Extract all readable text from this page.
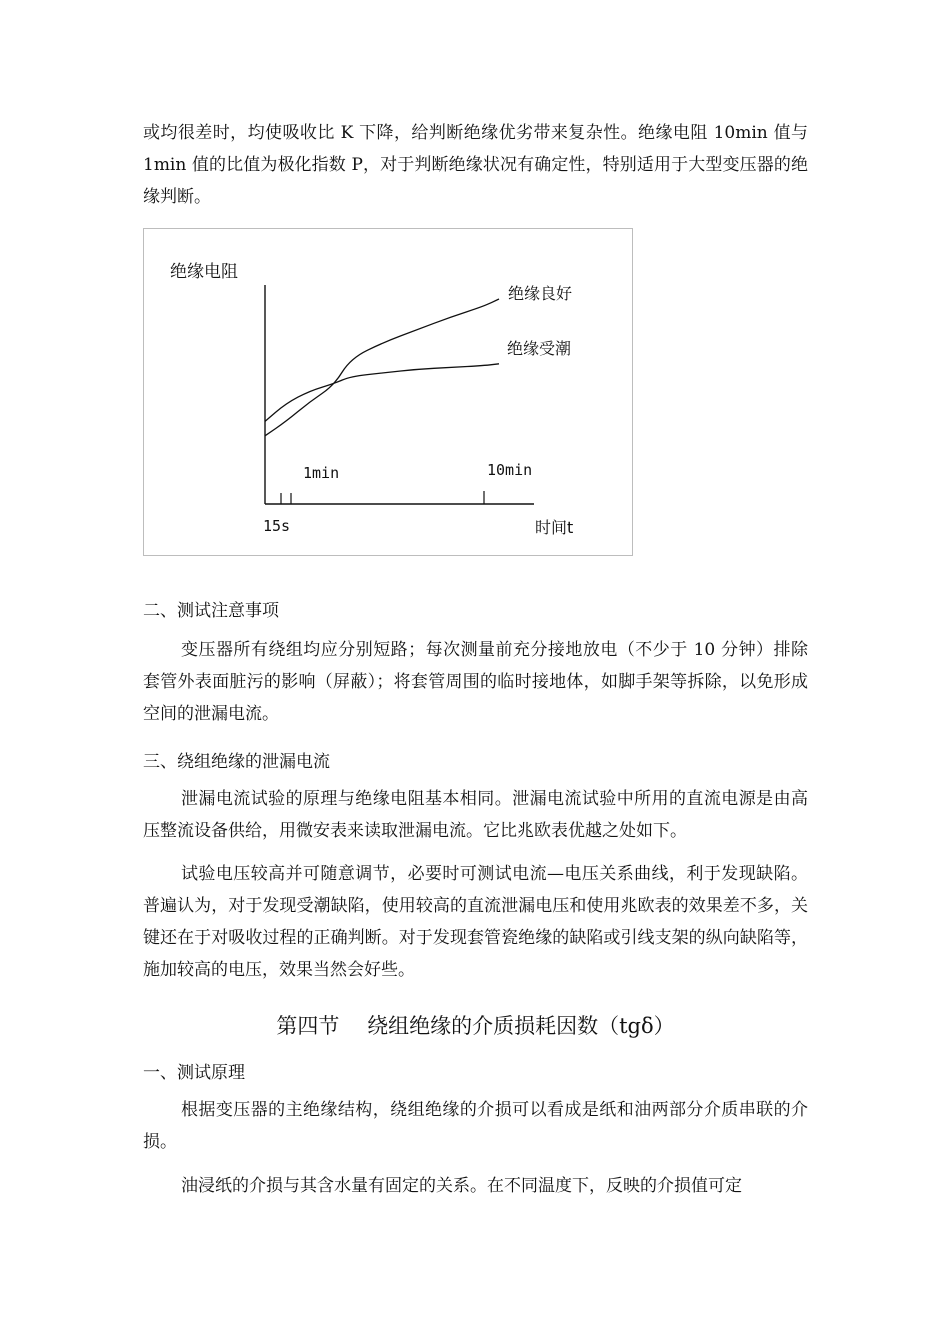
或均很差时，均使吸收比 K 下降，给判断绝缘优劣带来复杂性。绝缘电阻 10min 值与 1min 值的比值为极化指数 P，对于判断绝缘状况有确定性，特别适用于大型变压器的绝缘判断。

绝缘电阻
15s
1min	10min
时间t
绝缘良好
绝缘受潮

二、测试注意事项

变压器所有绕组均应分别短路；每次测量前充分接地放电（不少于 10 分钟）排除套管外表面脏污的影响（屏蔽）；将套管周围的临时接地体，如脚手架等拆除，以免形成空间的泄漏电流。

三、绕组绝缘的泄漏电流

泄漏电流试验的原理与绝缘电阻基本相同。泄漏电流试验中所用的直流电源是由高压整流设备供给，用微安表来读取泄漏电流。它比兆欧表优越之处如下。

试验电压较高并可随意调节，必要时可测试电流—电压关系曲线，利于发现缺陷。普遍认为，对于发现受潮缺陷，使用较高的直流泄漏电压和使用兆欧表的效果差不多，关键还在于对吸收过程的正确判断。对于发现套管瓷绝缘的缺陷或引线支架的纵向缺陷等，施加较高的电压，效果当然会好些。

第四节　 绕组绝缘的介质损耗因数（tgδ）

一、测试原理

根据变压器的主绝缘结构，绕组绝缘的介损可以看成是纸和油两部分介质串联的介损。

油浸纸的介损与其含水量有固定的关系。在不同温度下，反映的介损值可定
